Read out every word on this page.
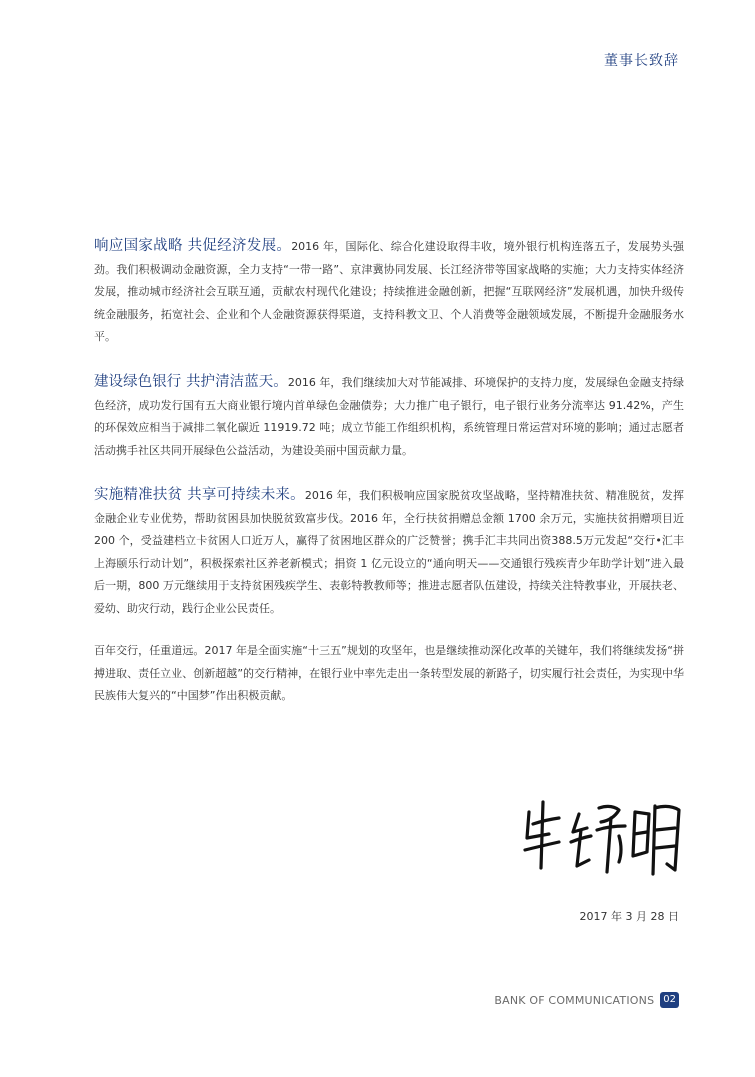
董事长致辞
响应国家战略 共促经济发展。2016 年，国际化、综合化建设取得丰收，境外银行机构连落五子，发展势头强劲。我们积极调动金融资源，全力支持“一带一路”、京津冀协同发展、长江经济带等国家战略的实施；大力支持实体经济发展，推动城市经济社会互联互通，贡献农村现代化建设；持续推进金融创新，把握“互联网经济”发展机遇，加快升级传统金融服务，拓宽社会、企业和个人金融资源获得渠道，支持科教文卫、个人消费等金融领域发展，不断提升金融服务水平。
建设绿色银行 共护清洁蓝天。2016 年，我们继续加大对节能减排、环境保护的支持力度，发展绿色金融支持绿色经济，成功发行国有五大商业银行境内首单绿色金融债券；大力推广电子银行，电子银行业务分流率达 91.42%，产生的环保效应相当于减排二氧化碳近 11919.72 吨；成立节能工作组织机构，系统管理日常运营对环境的影响；通过志愿者活动携手社区共同开展绿色公益活动，为建设美丽中国贡献力量。
实施精准扶贫 共享可持续未来。2016 年，我们积极响应国家脱贫攻坚战略，坚持精准扶贫、精准脱贫，发挥金融企业专业优势，帮助贫困县加快脱贫致富步伐。2016 年，全行扶贫捐赠总金额 1700 余万元，实施扶贫捐赠项目近 200 个，受益建档立卡贫困人口近万人，赢得了贫困地区群众的广泛赞誉；携手汇丰共同出资388.5万元发起“交行•汇丰上海颐乐行动计划”，积极探索社区养老新模式；捐资 1 亿元设立的“通向明天——交通银行残疾青少年助学计划”进入最后一期，800 万元继续用于支持贫困残疾学生、表彰特教教师等；推进志愿者队伍建设，持续关注特教事业，开展扶老、爱幼、助灾行动，践行企业公民责任。
百年交行，任重道远。2017 年是全面实施“十三五”规划的攻坚年，也是继续推动深化改革的关键年，我们将继续发扬“拼搏进取、责任立业、创新超越”的交行精神，在银行业中率先走出一条转型发展的新路子，切实履行社会责任，为实现中华民族伟大复兴的“中国梦”作出积极贡献。
2017 年 3 月 28 日
BANK OF COMMUNICATIONS 02
